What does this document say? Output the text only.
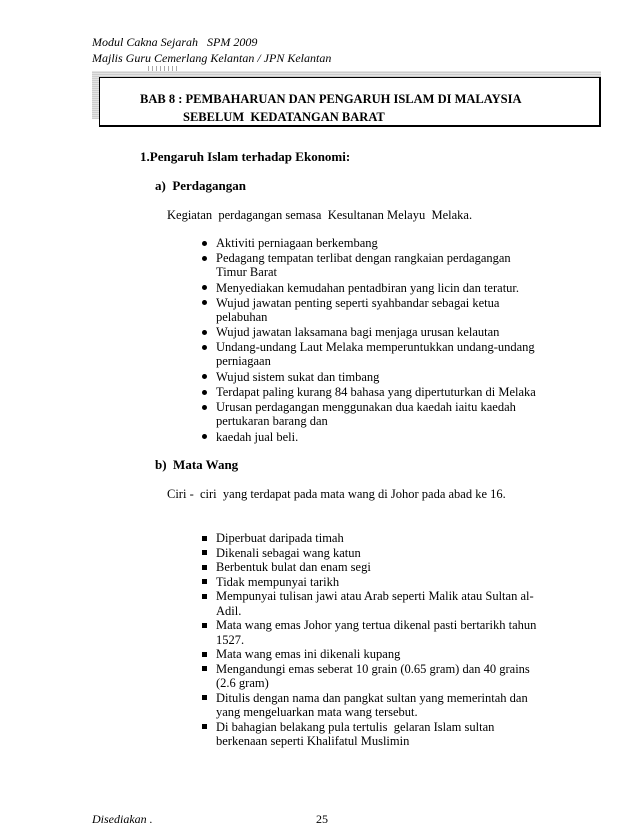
Modul Cakna Sejarah   SPM 2009
Majlis Guru Cemerlang Kelantan / JPN Kelantan
BAB 8 : PEMBAHARUAN DAN PENGARUH ISLAM DI MALAYSIA
SEBELUM  KEDATANGAN BARAT
1.Pengaruh Islam terhadap Ekonomi:
a)  Perdagangan
Kegiatan  perdagangan semasa  Kesultanan Melayu  Melaka.
Aktiviti perniagaan berkembang
Pedagang tempatan terlibat dengan rangkaian perdagangan
Timur Barat
Menyediakan kemudahan pentadbiran yang licin dan teratur.
Wujud jawatan penting seperti syahbandar sebagai ketua
pelabuhan
Wujud jawatan laksamana bagi menjaga urusan kelautan
Undang-undang Laut Melaka memperuntukkan undang-undang
perniagaan
Wujud sistem sukat dan timbang
Terdapat paling kurang 84 bahasa yang dipertuturkan di Melaka
Urusan perdagangan menggunakan dua kaedah iaitu kaedah
pertukaran barang dan
kaedah jual beli.
b)  Mata Wang
Ciri -  ciri  yang terdapat pada mata wang di Johor pada abad ke 16.
Diperbuat daripada timah
Dikenali sebagai wang katun
Berbentuk bulat dan enam segi
Tidak mempunyai tarikh
Mempunyai tulisan jawi atau Arab seperti Malik atau Sultan al-
Adil.
Mata wang emas Johor yang tertua dikenal pasti bertarikh tahun
1527.
Mata wang emas ini dikenali kupang
Mengandungi emas seberat 10 grain (0.65 gram) dan 40 grains
(2.6 gram)
Ditulis dengan nama dan pangkat sultan yang memerintah dan
yang mengeluarkan mata wang tersebut.
Di bahagian belakang pula tertulis  gelaran Islam sultan
berkenaan seperti Khalifatul Muslimin
Disediakan .	25
